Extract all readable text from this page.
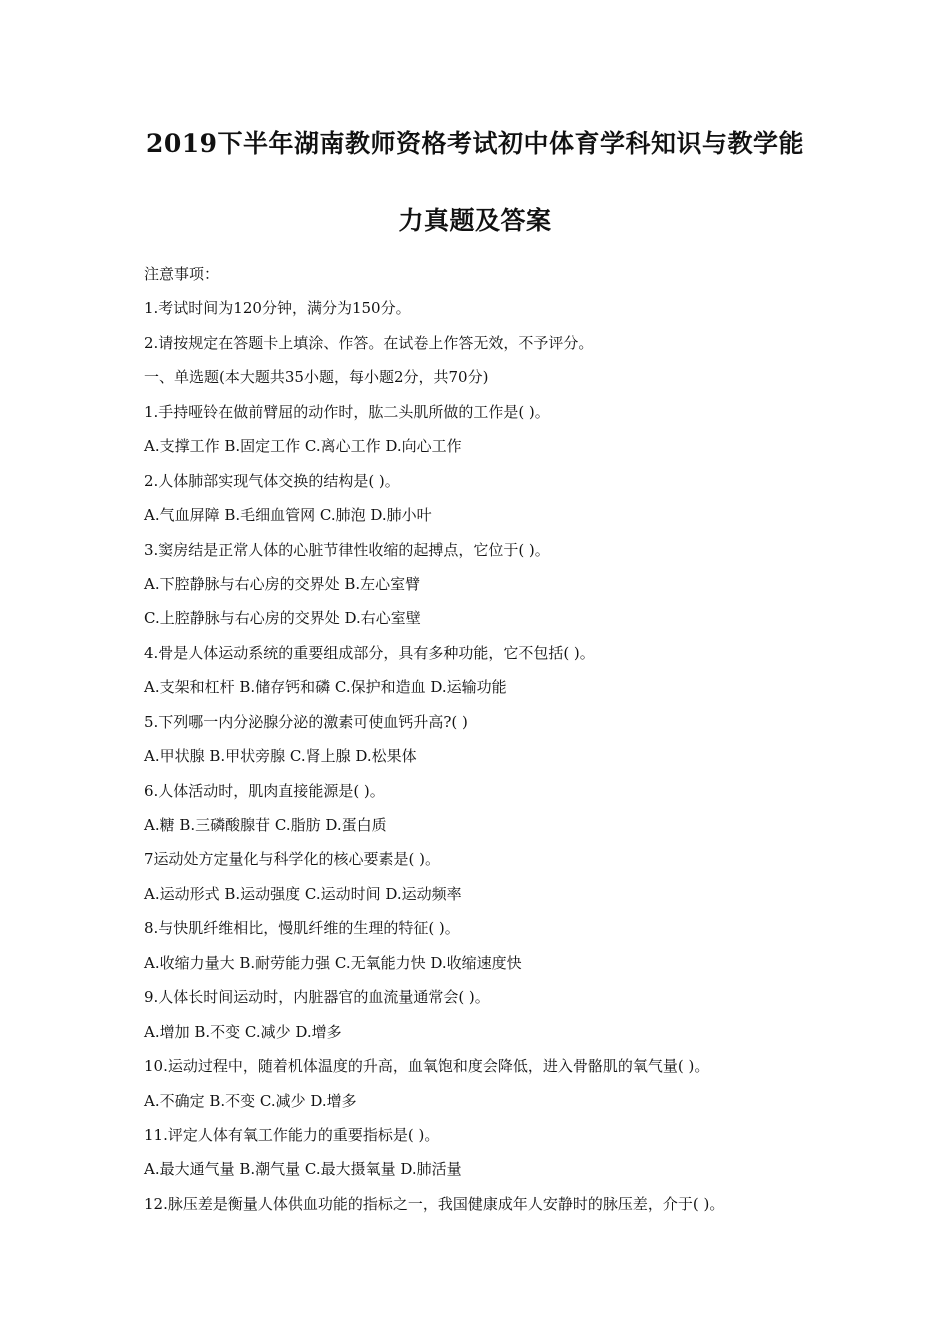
2019下半年湖南教师资格考试初中体育学科知识与教学能
力真题及答案
注意事项：
1.考试时间为120分钟，满分为150分。
2.请按规定在答题卡上填涂、作答。在试卷上作答无效，不予评分。
一、单选题(本大题共35小题，每小题2分，共70分)
1.手持哑铃在做前臂屈的动作时，肱二头肌所做的工作是( )。
A.支撑工作 B.固定工作 C.离心工作 D.向心工作
2.人体肺部实现气体交换的结构是( )。
A.气血屏障 B.毛细血管网 C.肺泡 D.肺小叶
3.窦房结是正常人体的心脏节律性收缩的起搏点，它位于( )。
A.下腔静脉与右心房的交界处 B.左心室臂
C.上腔静脉与右心房的交界处 D.右心室壁
4.骨是人体运动系统的重要组成部分，具有多种功能，它不包括( )。
A.支架和杠杆 B.储存钙和磷 C.保护和造血 D.运输功能
5.下列哪一内分泌腺分泌的激素可使血钙升高?( )
A.甲状腺 B.甲状旁腺 C.肾上腺 D.松果体
6.人体活动时，肌肉直接能源是( )。
A.糖 B.三磷酸腺苷 C.脂肪 D.蛋白质
7运动处方定量化与科学化的核心要素是( )。
A.运动形式 B.运动强度 C.运动时间 D.运动频率
8.与快肌纤维相比，慢肌纤维的生理的特征( )。
A.收缩力量大 B.耐劳能力强 C.无氧能力快 D.收缩速度快
9.人体长时间运动时，内脏器官的血流量通常会( )。
A.增加 B.不变 C.减少 D.增多
10.运动过程中，随着机体温度的升高，血氧饱和度会降低，进入骨骼肌的氧气量( )。
A.不确定 B.不变 C.减少 D.增多
11.评定人体有氧工作能力的重要指标是( )。
A.最大通气量 B.潮气量 C.最大摄氧量 D.肺活量
12.脉压差是衡量人体供血功能的指标之一，我国健康成年人安静时的脉压差，介于( )。
